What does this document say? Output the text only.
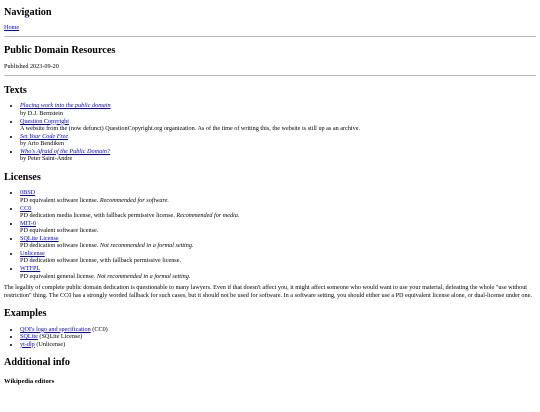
Navigation
Home
Public Domain Resources

Published 2023-09-20

Texts
• Placing work into the public domain
by D.J. Bernstein
• Question Copyright
A website from the (now defunct) QuestionCopyright.org organization. As of the time of writing this, the website is still up as an archive.
• Set Your Code Free
by Arto Bendiken
• Who's Afraid of the Public Domain?
by Peter Saint-Andre
Licenses
• 0BSD
PD equivalent software license. Recommended for software.
• CC0
PD dedication media license, with fallback permissive license. Recommended for media.
• MIT-0
PD equivalent software license.
• SQLite License
PD dedication software license. Not recommended in a formal setting.
• Unlicense
PD dedication software license, with fallback permissive license.
• WTFPL
PD equivalent general license. Not recommended in a formal setting.

The legality of complete public domain dedication is questionable to many lawyers. Even if that doesn't affect you, it might affect someone who would want to use your material, defeating the whole "use without restriction" thing. The CC0 has a strongly worded fallback for such cases, but it should not be used for software. In a software setting, you should either use a PD equivalent license alone, or dual-license under one.

Examples
• QOI's logo and specification (CC0)
• SQLite (SQLite License)
• yt-dlp (Unlicense)
Additional info
Wikipedia editors
